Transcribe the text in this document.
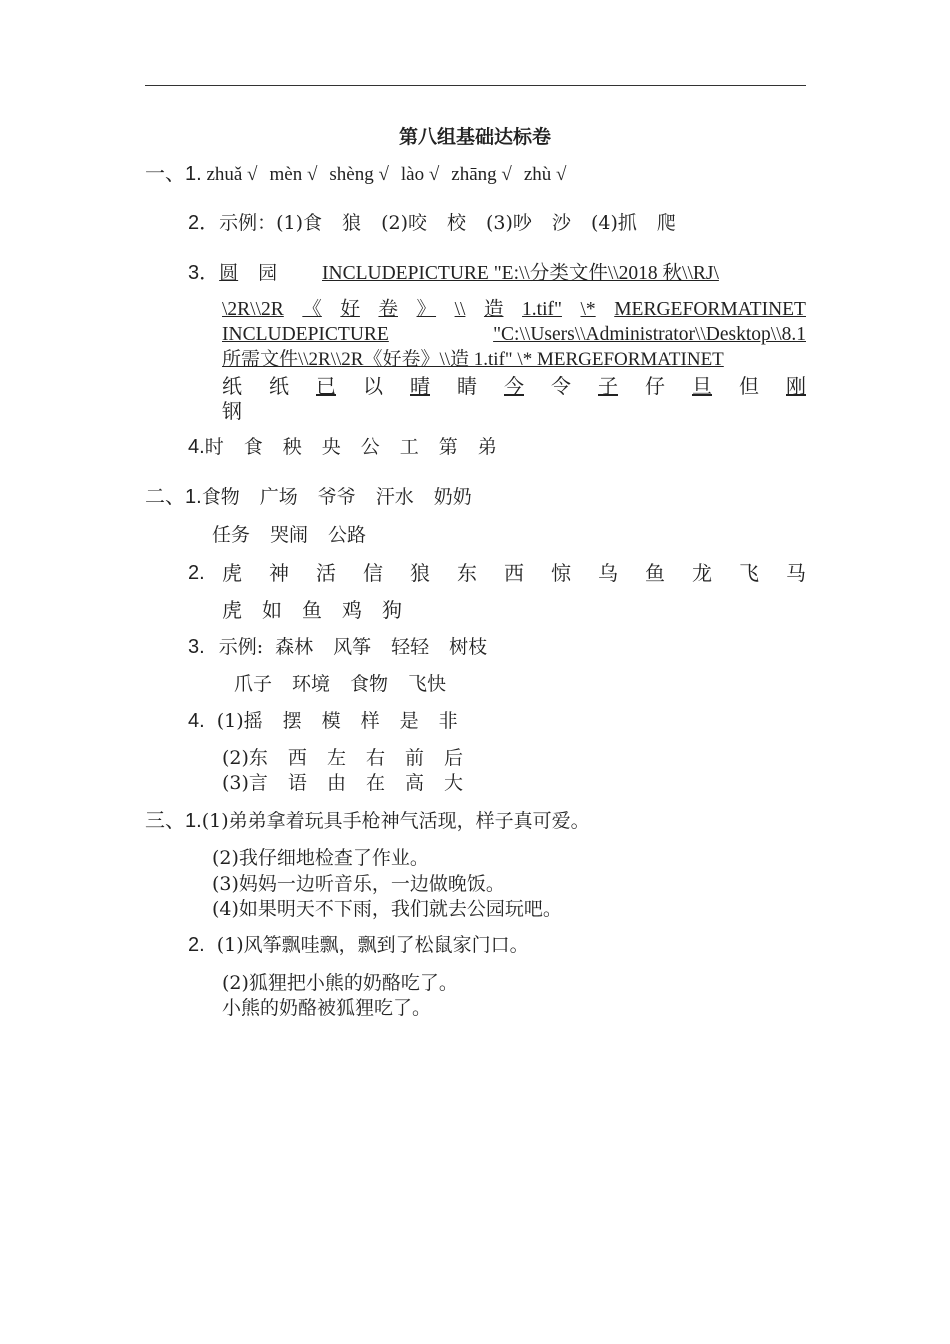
第八组基础达标卷
一、1. zhuǎ √ mèn √ shèng √ lào √ zhāng √ zhù √
2．示例：(1)食 狼 (2)咬 校 (3)吵 沙 (4)抓 爬
3．圆 园 INCLUDEPICTURE "E:\\分类文件\\2018 秋\\RJ\
\2R\\2R 《 好 卷 》 \\ 造 1.tif" \* MERGEFORMATINET
INCLUDEPICTURE	"C:\\Users\\Administrator\\Desktop\\8.1
所需文件\\2R\\2R《好卷》\\造 1.tif" \* MERGEFORMATINET
纸 纸 已 以 晴 睛 今 令 子 仔 旦 但 刚
钢
4.时 食 秧 央 公 工 第 弟
二、1.食物 广场 爷爷 汗水 奶奶
任务 哭闹 公路
2. 虎 神 活 信 狼 东 西 惊 乌 鱼 龙 飞 马
虎 如 鱼 鸡 狗
3. 示例: 森林 风筝 轻轻 树枝
爪子 环境 食物 飞快
4. (1)摇 摆 模 样 是 非
(2)东 西 左 右 前 后
(3)言 语 由 在 高 大
三、1.(1)弟弟拿着玩具手枪神气活现，样子真可爱。
(2)我仔细地检查了作业。
(3)妈妈一边听音乐，一边做晚饭。
(4)如果明天不下雨，我们就去公园玩吧。
2. (1)风筝飘哇飘，飘到了松鼠家门口。
(2)狐狸把小熊的奶酪吃了。
小熊的奶酪被狐狸吃了。
